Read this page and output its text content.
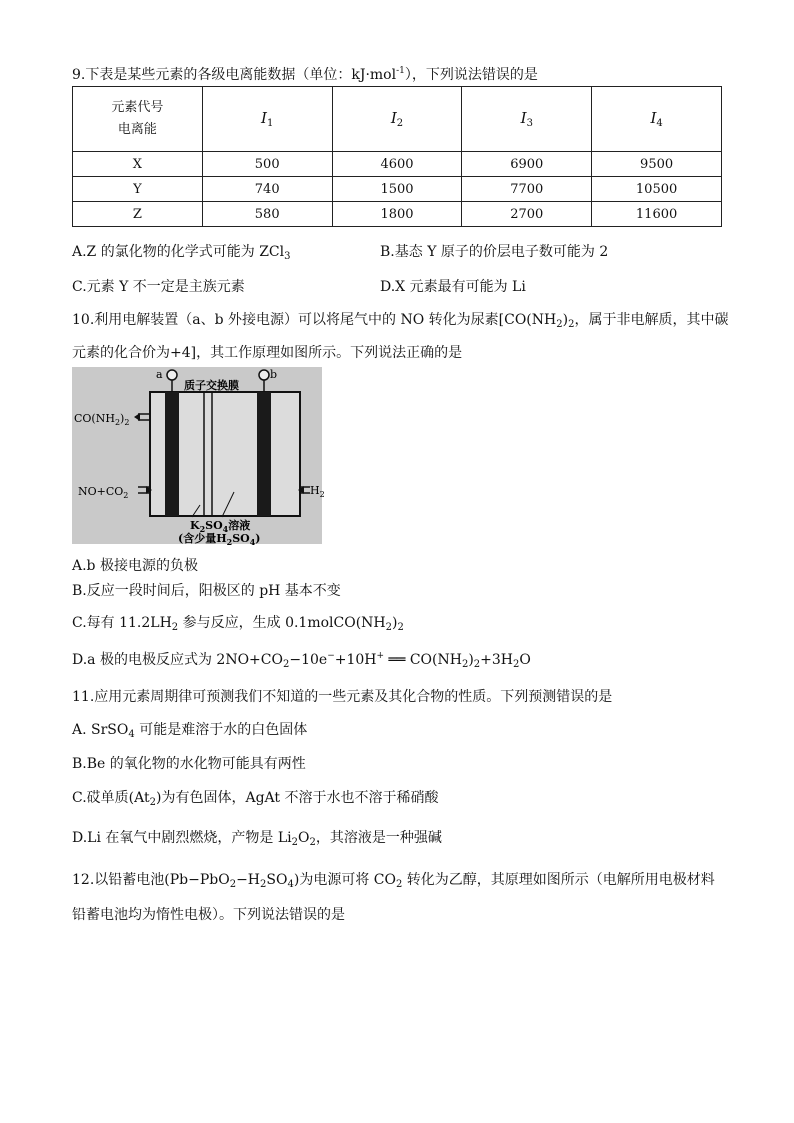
9.下表是某些元素的各级电离能数据（单位：kJ·mol$^{-1}$），下列说法错误的是
元素代号
电离能	$I_1$	$I_2$	$I_3$	$I_4$
X	500	4600	6900	9500
Y	740	1500	7700	10500
Z	580	1800	2700	11600
A.Z 的氯化物的化学式可能为 ZCl$_3$	B.基态 Y 原子的价层电子数可能为 2
C.元素 Y 不一定是主族元素	D.X 元素最有可能为 Li
10.利用电解装置（a、b 外接电源）可以将尾气中的 NO 转化为尿素[$CO(NH_2)_2$，属于非电解质，其中碳
元素的化合价为+4]，其工作原理如图所示。下列说法正确的是
a	b
质子交换膜
$CO(NH_2)_2$
$NO+CO_2$	$H_2$
$K_2SO_4$溶液
(含少量$H_2SO_4$)
A.b 极接电源的负极
B.反应一段时间后，阳极区的 pH 基本不变
C.每有 $11.2LH_2$ 参与反应，生成 $0.1molCO(NH_2)_2$
D.a 极的电极反应式为 $2NO+CO_2-10e^-+10H^+$ ══ $CO(NH_2)_2+3H_2O$
11.应用元素周期律可预测我们不知道的一些元素及其化合物的性质。下列预测错误的是
A. SrSO$_4$ 可能是难溶于水的白色固体
B.Be 的氧化物的水化物可能具有两性
C.砹单质$(At_2)$为有色固体，AgAt 不溶于水也不溶于稀硝酸
D.Li 在氧气中剧烈燃烧，产物是 $Li_2O_2$，其溶液是一种强碱
12.以铅蓄电池$(Pb-PbO_2-H_2SO_4)$为电源可将 $CO_2$ 转化为乙醇，其原理如图所示（电解所用电极材料
铅蓄电池均为惰性电极）。下列说法错误的是
